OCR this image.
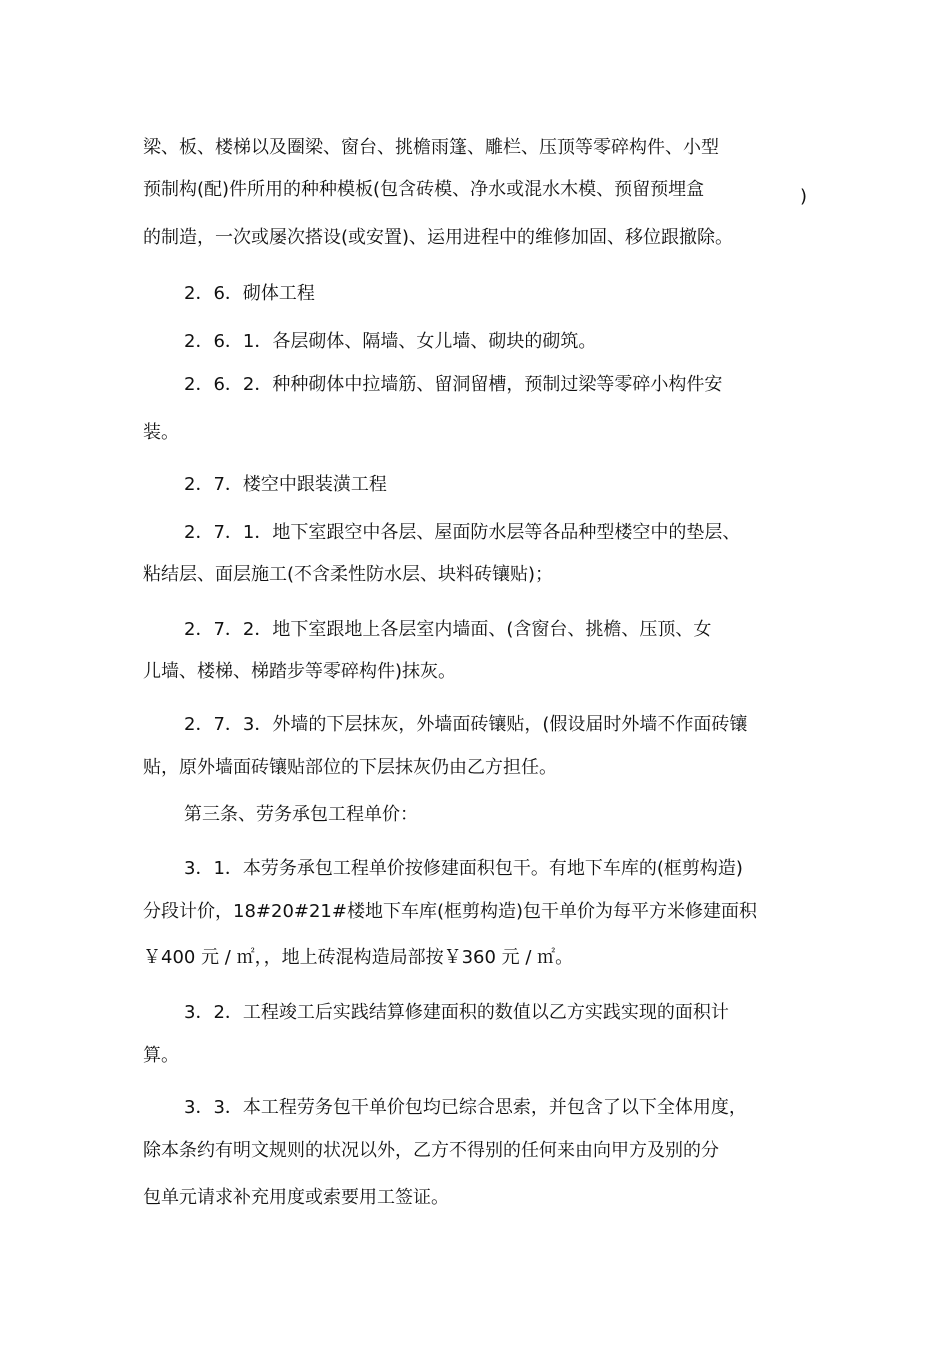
梁、板、楼梯以及圈梁、窗台、挑檐雨篷、雕栏、压顶等零碎构件、小型
预制构(配)件所用的种种模板(包含砖模、净水或混水木模、预留预埋盒	)
的制造，一次或屡次搭设(或安置)、运用进程中的维修加固、移位跟撤除。
2．6．砌体工程
2．6．1．各层砌体、隔墙、女儿墙、砌块的砌筑。
2．6．2．种种砌体中拉墙筋、留洞留槽，预制过梁等零碎小构件安
装。
2．7．楼空中跟装潢工程
2．7．1．地下室跟空中各层、屋面防水层等各品种型楼空中的垫层、
粘结层、面层施工(不含柔性防水层、块料砖镶贴)；
2．7．2．地下室跟地上各层室内墙面、(含窗台、挑檐、压顶、女
儿墙、楼梯、梯踏步等零碎构件)抹灰。
2．7．3．外墙的下层抹灰，外墙面砖镶贴，(假设届时外墙不作面砖镶
贴，原外墙面砖镶贴部位的下层抹灰仍由乙方担任。
第三条、劳务承包工程单价：
3．1．本劳务承包工程单价按修建面积包干。有地下车库的(框剪构造)
分段计价，18#20#21#楼地下车库(框剪构造)包干单价为每平方米修建面积
￥400 元 / ㎡，，地上砖混构造局部按￥360 元 / ㎡。
3．2．工程竣工后实践结算修建面积的数值以乙方实践实现的面积计
算。
3．3．本工程劳务包干单价包均已综合思索，并包含了以下全体用度，
除本条约有明文规则的状况以外，乙方不得别的任何来由向甲方及别的分
包单元请求补充用度或索要用工签证。
